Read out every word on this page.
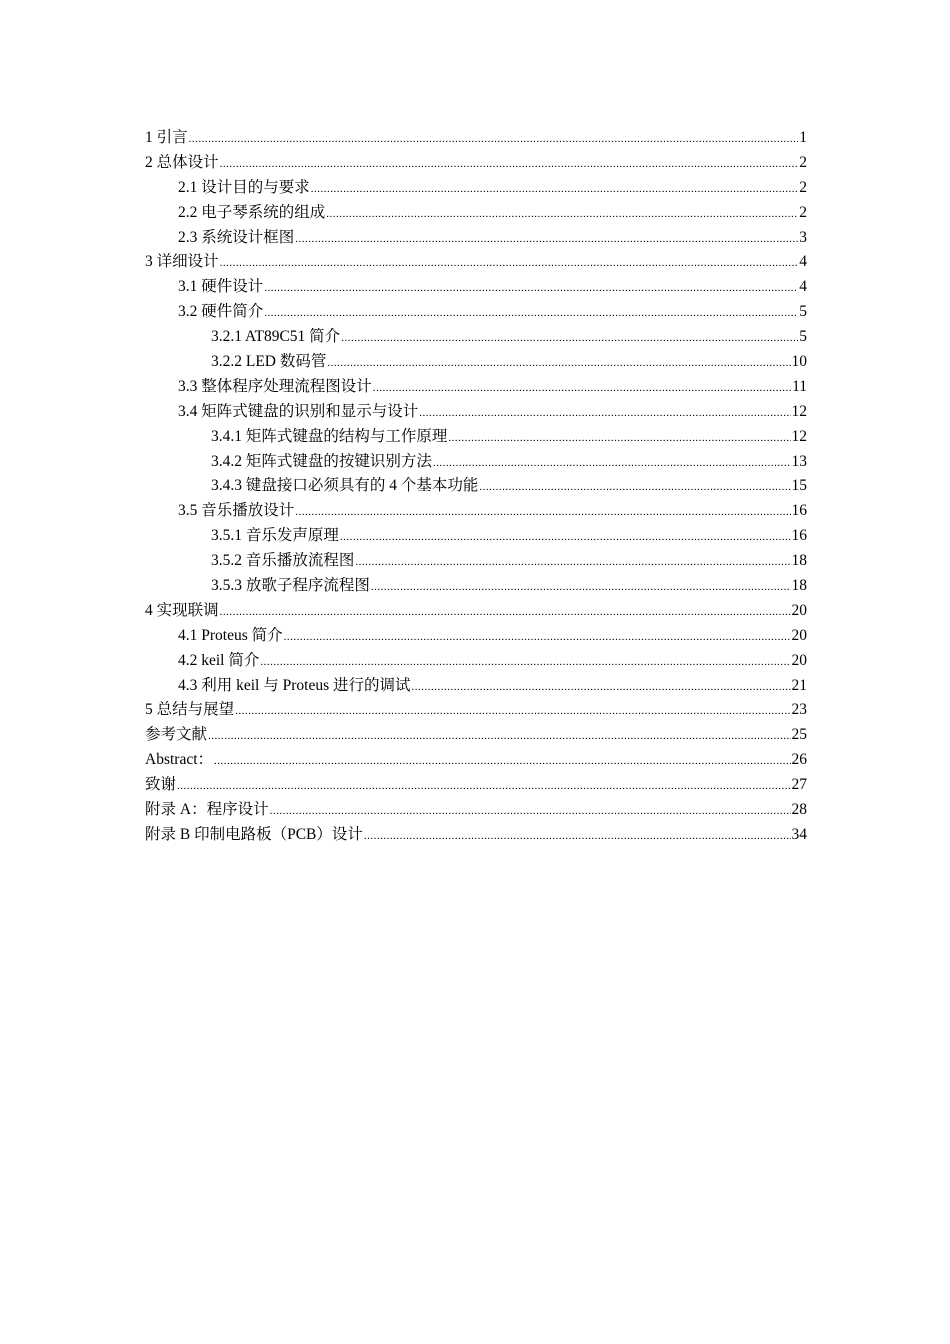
1 引言 .....	1
2 总体设计 .....	2
2.1 设计目的与要求 .....	2
2.2 电子琴系统的组成 .....	2
2.3 系统设计框图 .....	3
3 详细设计 .....	4
3.1 硬件设计 .....	4
3.2 硬件简介 .....	5
3.2.1 AT89C51 简介 .....	5
3.2.2 LED 数码管 .....	10
3.3 整体程序处理流程图设计 .....	11
3.4 矩阵式键盘的识别和显示与设计 .....	12
3.4.1 矩阵式键盘的结构与工作原理 .....	12
3.4.2 矩阵式键盘的按键识别方法 .....	13
3.4.3 键盘接口必须具有的 4 个基本功能 .....	15
3.5 音乐播放设计 .....	16
3.5.1 音乐发声原理 .....	16
3.5.2 音乐播放流程图 .....	18
3.5.3 放歌子程序流程图 .....	18
4 实现联调 .....	20
4.1 Proteus 简介 .....	20
4.2 keil 简介 .....	20
4.3 利用 keil 与 Proteus 进行的调试 .....	21
5 总结与展望 .....	23
参考文献 .....	25
Abstract： .....	26
致谢 .....	27
附录 A：程序设计 .....	28
附录 B 印制电路板（PCB）设计 .....	34
